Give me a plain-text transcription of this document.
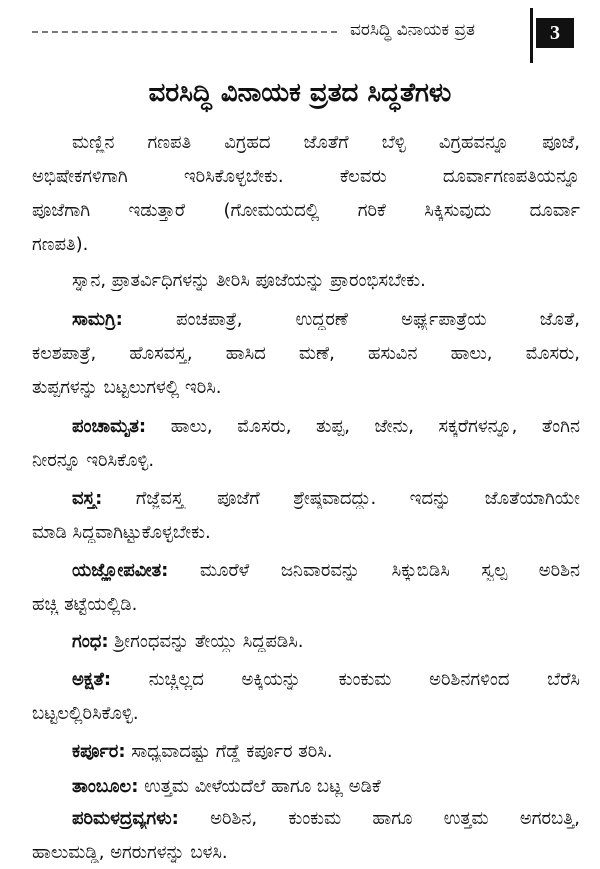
ವರಸಿದ್ಧಿ ವಿನಾಯಕ ವ್ರತ	3
ವರಸಿದ್ಧಿ ವಿನಾಯಕ ವ್ರತದ ಸಿದ್ಧತೆಗಳು
ಮಣ್ಣಿನ ಗಣಪತಿ ವಿಗ್ರಹದ ಜೊತೆಗೆ ಬೆಳ್ಳಿ ವಿಗ್ರಹವನ್ನೂ ಪೂಜೆ,
ಅಭಿಷೇಕಗಳಿಗಾಗಿ ಇರಿಸಿಕೊಳ್ಳಬೇಕು. ಕೆಲವರು ದೂರ್ವಾಗಣಪತಿಯನ್ನೂ
ಪೂಜೆಗಾಗಿ ಇಡುತ್ತಾರೆ (ಗೋಮಯದಲ್ಲಿ ಗರಿಕೆ ಸಿಕ್ಕಿಸುವುದು ದೂರ್ವಾ
ಗಣಪತಿ).
ಸ್ನಾನ, ಪ್ರಾತರ್ವಿಧಿಗಳನ್ನು ತೀರಿಸಿ ಪೂಜೆಯನ್ನು ಪ್ರಾರಂಭಿಸಬೇಕು.
ಸಾಮಗ್ರಿ:	ಪಂಚಪಾತ್ರೆ, ಉದ್ಧರಣೆ ಅರ್ಘ್ಯಪಾತ್ರೆಯ ಜೊತೆ,
ಕಲಶಪಾತ್ರೆ, ಹೊಸವಸ್ತ್ರ, ಹಾಸಿದ ಮಣೆ, ಹಸುವಿನ ಹಾಲು, ಮೊಸರು,
ತುಪ್ಪಗಳನ್ನು ಬಟ್ಟಲುಗಳಲ್ಲಿ ಇರಿಸಿ.
ಪಂಚಾಮೃತ: ಹಾಲು, ಮೊಸರು, ತುಪ್ಪ, ಜೇನು, ಸಕ್ಕರೆಗಳನ್ನೂ, ತೆಂಗಿನ
ನೀರನ್ನೂ ಇರಿಸಿಕೊಳ್ಳಿ.
ವಸ್ತ್ರ: ಗೆಜ್ಜೆವಸ್ತ್ರ ಪೂಜೆಗೆ ಶ್ರೇಷ್ಠವಾದದ್ದು. ಇದನ್ನು ಜೊತೆಯಾಗಿಯೇ
ಮಾಡಿ ಸಿದ್ಧವಾಗಿಟ್ಟುಕೊಳ್ಳಬೇಕು.
ಯಜ್ಞೋಪವೀತ: ಮೂರೆಳೆ ಜನಿವಾರವನ್ನು ಸಿಕ್ಕುಬಿಡಿಸಿ ಸ್ವಲ್ಪ ಅರಿಶಿನ
ಹಚ್ಚಿ ತಟ್ಟೆಯಲ್ಲಿಡಿ.
ಗಂಧ: ಶ್ರೀಗಂಧವನ್ನು ತೇಯ್ದು ಸಿದ್ಧಪಡಿಸಿ.
ಅಕ್ಷತೆ: ನುಚ್ಚಿಲ್ಲದ ಅಕ್ಕಿಯನ್ನು ಕುಂಕುಮ ಅರಿಶಿನಗಳಿಂದ ಬೆರೆಸಿ
ಬಟ್ಟಲಲ್ಲಿರಿಸಿಕೊಳ್ಳಿ.
ಕರ್ಪೂರ: ಸಾಧ್ಯವಾದಷ್ಟು ಗೆಡ್ಡೆ ಕರ್ಪೂರ ತರಿಸಿ.
ತಾಂಬೂಲ: ಉತ್ತಮ ವೀಳೆಯದೆಲೆ ಹಾಗೂ ಬಟ್ಲ ಅಡಿಕೆ
ಪರಿಮಳದ್ರವ್ಯಗಳು: ಅರಿಶಿನ, ಕುಂಕುಮ ಹಾಗೂ ಉತ್ತಮ ಅಗರಬತ್ತಿ,
ಹಾಲುಮಡ್ಡಿ, ಅಗರುಗಳನ್ನು ಬಳಸಿ.
